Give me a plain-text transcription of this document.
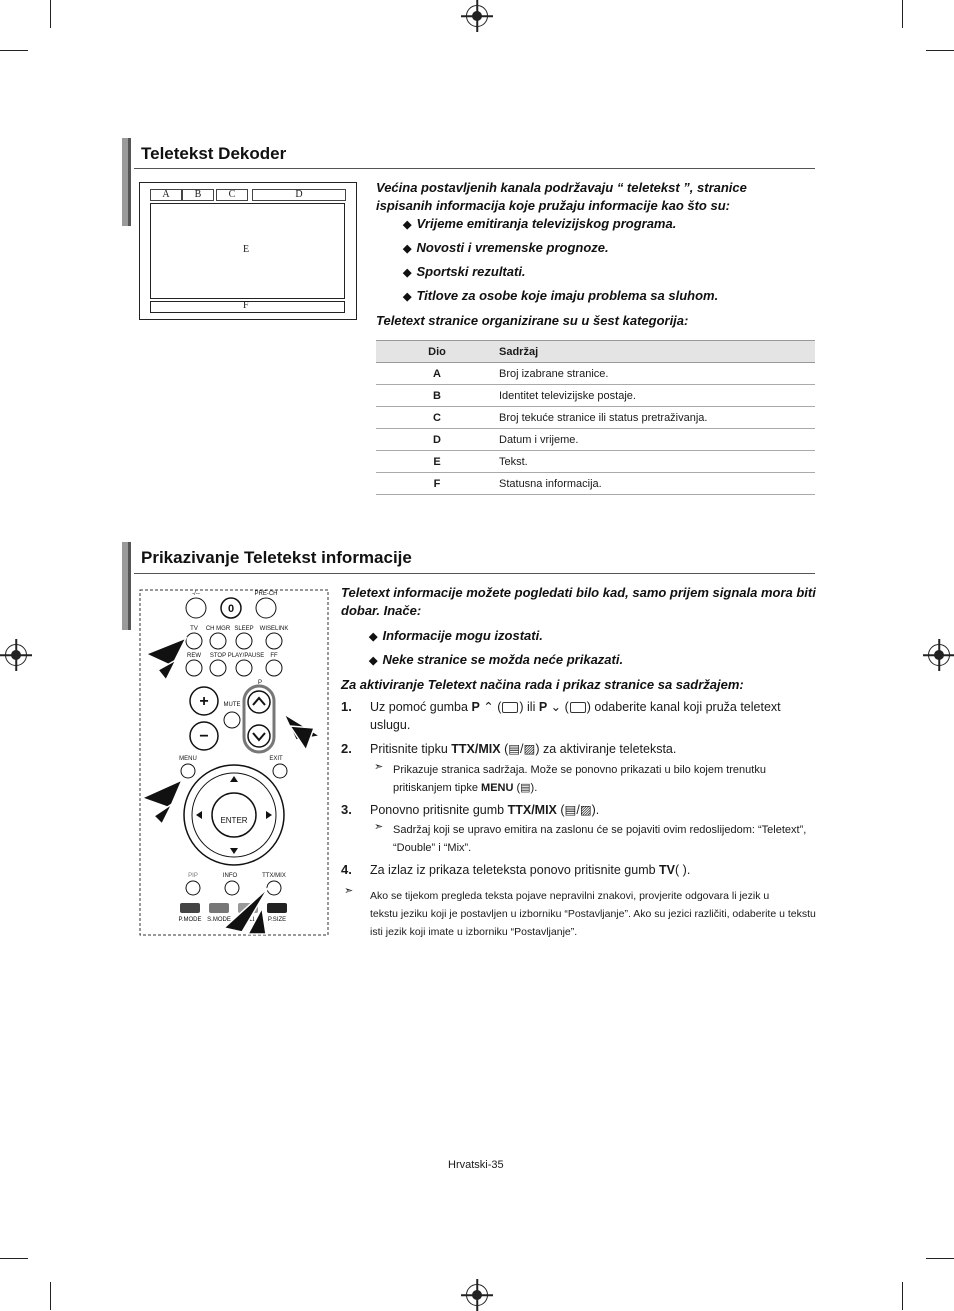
Teletekst Dekoder
A	B	C	D
E
F
Većina postavljenih kanala podržavaju “ teletekst ”, stranice ispisanih informacija koje pružaju informacije kao što su:
◆ Vrijeme emitiranja televizijskog programa.
◆ Novosti i vremenske prognoze.
◆ Sportski rezultati.
◆ Titlove za osobe koje imaju problema sa sluhom.
Teletext stranice organizirane su u šest kategorija:
Dio	Sadržaj
A	Broj izabrane stranice.
B	Identitet televizijske postaje.
C	Broj tekuće stranice ili status pretraživanja.
D	Datum i vrijeme.
E	Tekst.
F	Statusna informacija.
Prikazivanje Teletekst informacije
-/--	PRE-CH
0
TV CH MGR SLEEP WISELINK
REW STOP PLAY/PAUSE FF
P
+
−
MUTE
MENU	EXIT
ENTER
PIP	INFO	TTX/MIX
P.MODE S.MODE	P.SIZE
Teletext informacije možete pogledati bilo kad, samo prijem signala mora biti dobar. Inače:
◆ Informacije mogu izostati.
◆ Neke stranice se možda neće prikazati.
Za aktiviranje Teletext načina rada i prikaz stranice sa sadržajem:
1. Uz pomoć gumba P ⌃ ( ) ili P ⌄ ( ) odaberite kanal koji pruža teletext uslugu.
2. Pritisnite tipku TTX/MIX (▤/▨) za aktiviranje teleteksta.
➣ Prikazuje stranica sadržaja. Može se ponovno prikazati u bilo kojem trenutku
pritiskanjem tipke MENU (▤).
3. Ponovno pritisnite gumb TTX/MIX (▤/▨).
➣ Sadržaj koji se upravo emitira na zaslonu će se pojaviti ovim redoslijedom: “Teletext”,
“Double” i “Mix”.
4. Za izlaz iz prikaza teleteksta ponovo pritisnite gumb TV( ).
➣ Ako se tijekom pregleda teksta pojave nepravilni znakovi, provjerite odgovara li jezik u
tekstu jeziku koji je postavljen u izborniku “Postavljanje”. Ako su jezici različiti, odaberite u tekstu
isti jezik koji imate u izborniku “Postavljanje”.
Hrvatski-35
